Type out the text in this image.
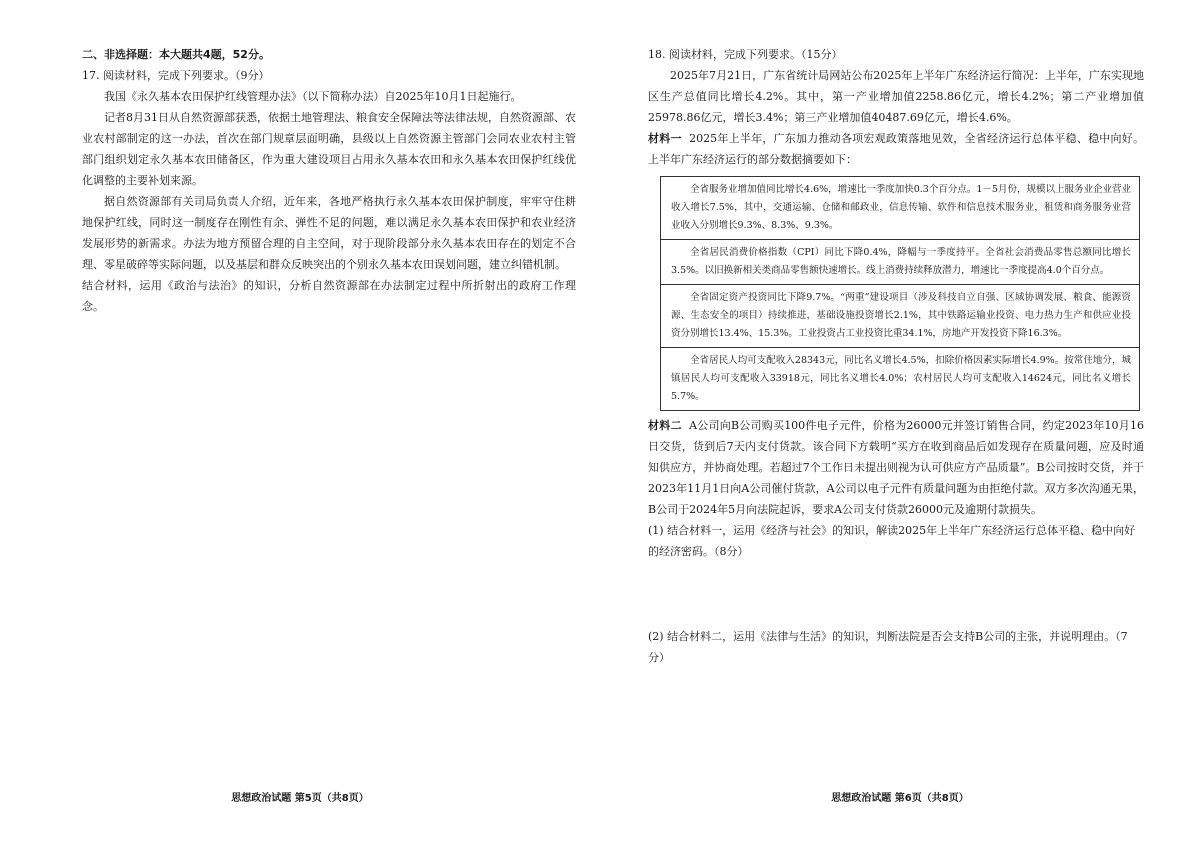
二、非选择题：本大题共4题，52分。
17. 阅读材料，完成下列要求。（9分）

我国《永久基本农田保护红线管理办法》（以下简称办法）自2025年10月1日起施行。

记者8月31日从自然资源部获悉，依据土地管理法、粮食安全保障法等法律法规，自然资源部、农业农村部制定的这一办法，首次在部门规章层面明确，县级以上自然资源主管部门会同农业农村主管部门组织划定永久基本农田储备区，作为重大建设项目占用永久基本农田和永久基本农田保护红线优化调整的主要补划来源。

据自然资源部有关司局负责人介绍，近年来，各地严格执行永久基本农田保护制度，牢牢守住耕地保护红线，同时这一制度存在刚性有余、弹性不足的问题，难以满足永久基本农田保护和农业经济发展形势的新需求。办法为地方预留合理的自主空间，对于现阶段部分永久基本农田存在的划定不合理、零星破碎等实际问题，以及基层和群众反映突出的个别永久基本农田误划问题，建立纠错机制。

结合材料，运用《政治与法治》的知识，分析自然资源部在办法制定过程中所折射出的政府工作理念。

思想政治试题 第5页（共8页）
18. 阅读材料，完成下列要求。（15分）

2025年7月21日，广东省统计局网站公布2025年上半年广东经济运行简况：上半年，广东实现地区生产总值同比增长4.2%。其中，第一产业增加值2258.86亿元，增长4.2%；第二产业增加值25978.86亿元，增长3.4%；第三产业增加值40487.69亿元，增长4.6%。

材料一 2025年上半年，广东加力推动各项宏观政策落地见效，全省经济运行总体平稳、稳中向好。上半年广东经济运行的部分数据摘要如下：

全省服务业增加值同比增长4.6%，增速比一季度加快0.3个百分点。1－5月份，规模以上服务业企业营业收入增长7.5%，其中，交通运输、仓储和邮政业，信息传输、软件和信息技术服务业，租赁和商务服务业营业收入分别增长9.3%、8.3%、9.3%。
全省居民消费价格指数（CPI）同比下降0.4%，降幅与一季度持平。全省社会消费品零售总额同比增长3.5%。以旧换新相关类商品零售额快速增长。线上消费持续释放潜力，增速比一季度提高4.0个百分点。
全省固定资产投资同比下降9.7%。“两重”建设项目（涉及科技自立自强、区域协调发展、粮食、能源资源、生态安全的项目）持续推进，基础设施投资增长2.1%，其中铁路运输业投资、电力热力生产和供应业投资分别增长13.4%、15.3%。工业投资占工业投资比重34.1%，房地产开发投资下降16.3%。
全省居民人均可支配收入28343元，同比名义增长4.5%，扣除价格因素实际增长4.9%。按常住地分，城镇居民人均可支配收入33918元，同比名义增长4.0%；农村居民人均可支配收入14624元，同比名义增长5.7%。

材料二 A公司向B公司购买100件电子元件，价格为26000元并签订销售合同，约定2023年10月16日交货，货到后7天内支付货款。该合同下方载明“买方在收到商品后如发现存在质量问题，应及时通知供应方，并协商处理。若超过7个工作日未提出则视为认可供应方产品质量”。B公司按时交货，并于2023年11月1日向A公司催付货款，A公司以电子元件有质量问题为由拒绝付款。双方多次沟通无果，B公司于2024年5月向法院起诉，要求A公司支付货款26000元及逾期付款损失。

(1) 结合材料一，运用《经济与社会》的知识，解读2025年上半年广东经济运行总体平稳、稳中向好的经济密码。（8分）

(2) 结合材料二，运用《法律与生活》的知识，判断法院是否会支持B公司的主张，并说明理由。（7分）

思想政治试题 第6页（共8页）
